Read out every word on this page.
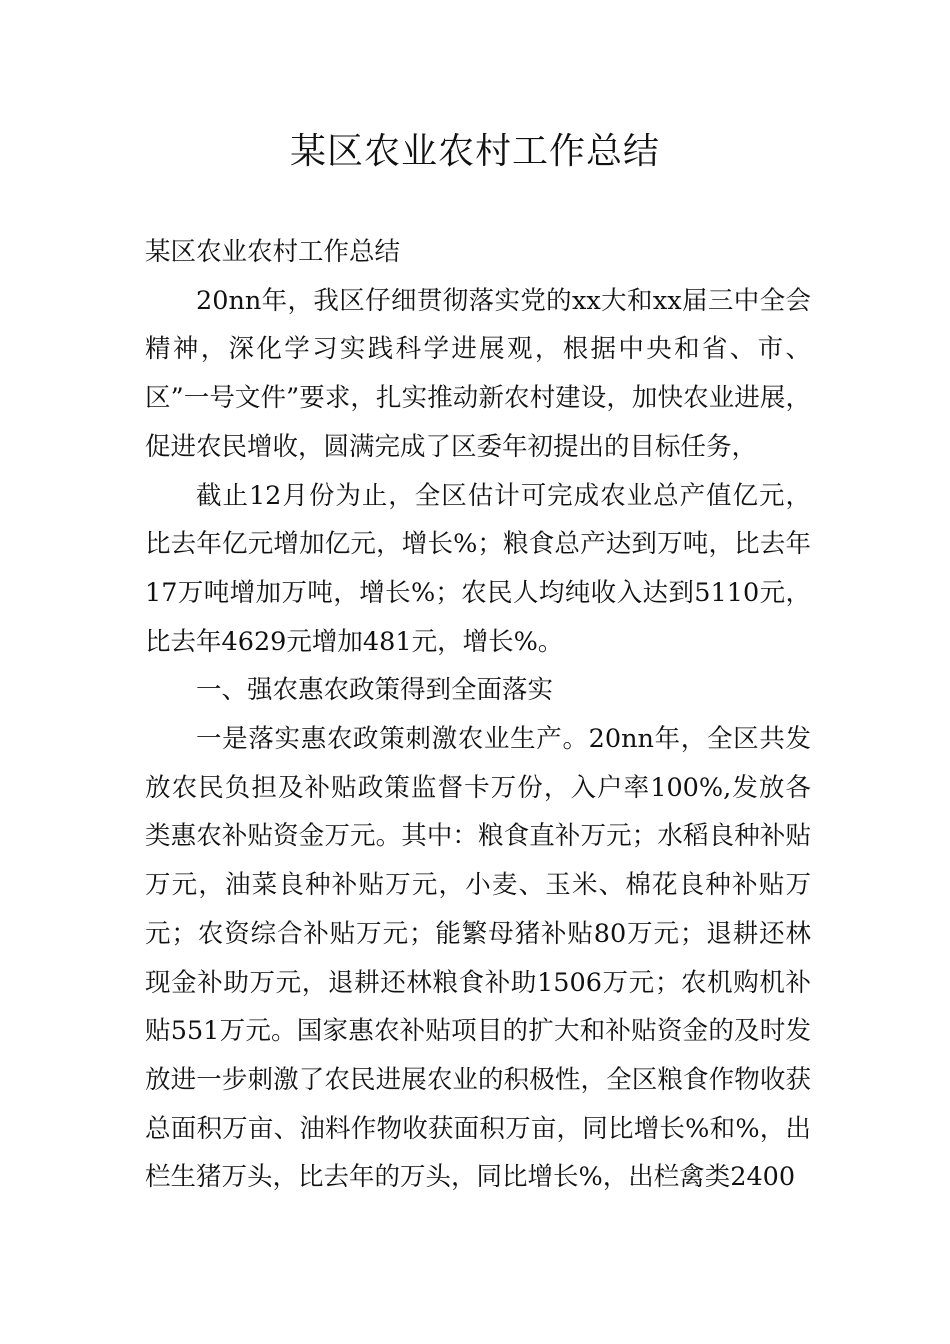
某区农业农村工作总结

某区农业农村工作总结

20nn年，我区仔细贯彻落实党的xx大和xx届三中全会精神，深化学习实践科学进展观，根据中央和省、市、区”一号文件”要求，扎实推动新农村建设，加快农业进展，促进农民增收，圆满完成了区委年初提出的目标任务，

截止12月份为止，全区估计可完成农业总产值亿元，比去年亿元增加亿元，增长%；粮食总产达到万吨，比去年17万吨增加万吨，增长%；农民人均纯收入达到5110元，比去年4629元增加481元，增长%。

一、强农惠农政策得到全面落实

一是落实惠农政策刺激农业生产。20nn年，全区共发放农民负担及补贴政策监督卡万份，入户率100%,发放各类惠农补贴资金万元。其中：粮食直补万元；水稻良种补贴万元，油菜良种补贴万元，小麦、玉米、棉花良种补贴万元；农资综合补贴万元；能繁母猪补贴80万元；退耕还林现金补助万元，退耕还林粮食补助1506万元；农机购机补贴551万元。国家惠农补贴项目的扩大和补贴资金的及时发放进一步刺激了农民进展农业的积极性，全区粮食作物收获总面积万亩、油料作物收获面积万亩，同比增长%和%，出栏生猪万头，比去年的万头，同比增长%，出栏禽类2400
